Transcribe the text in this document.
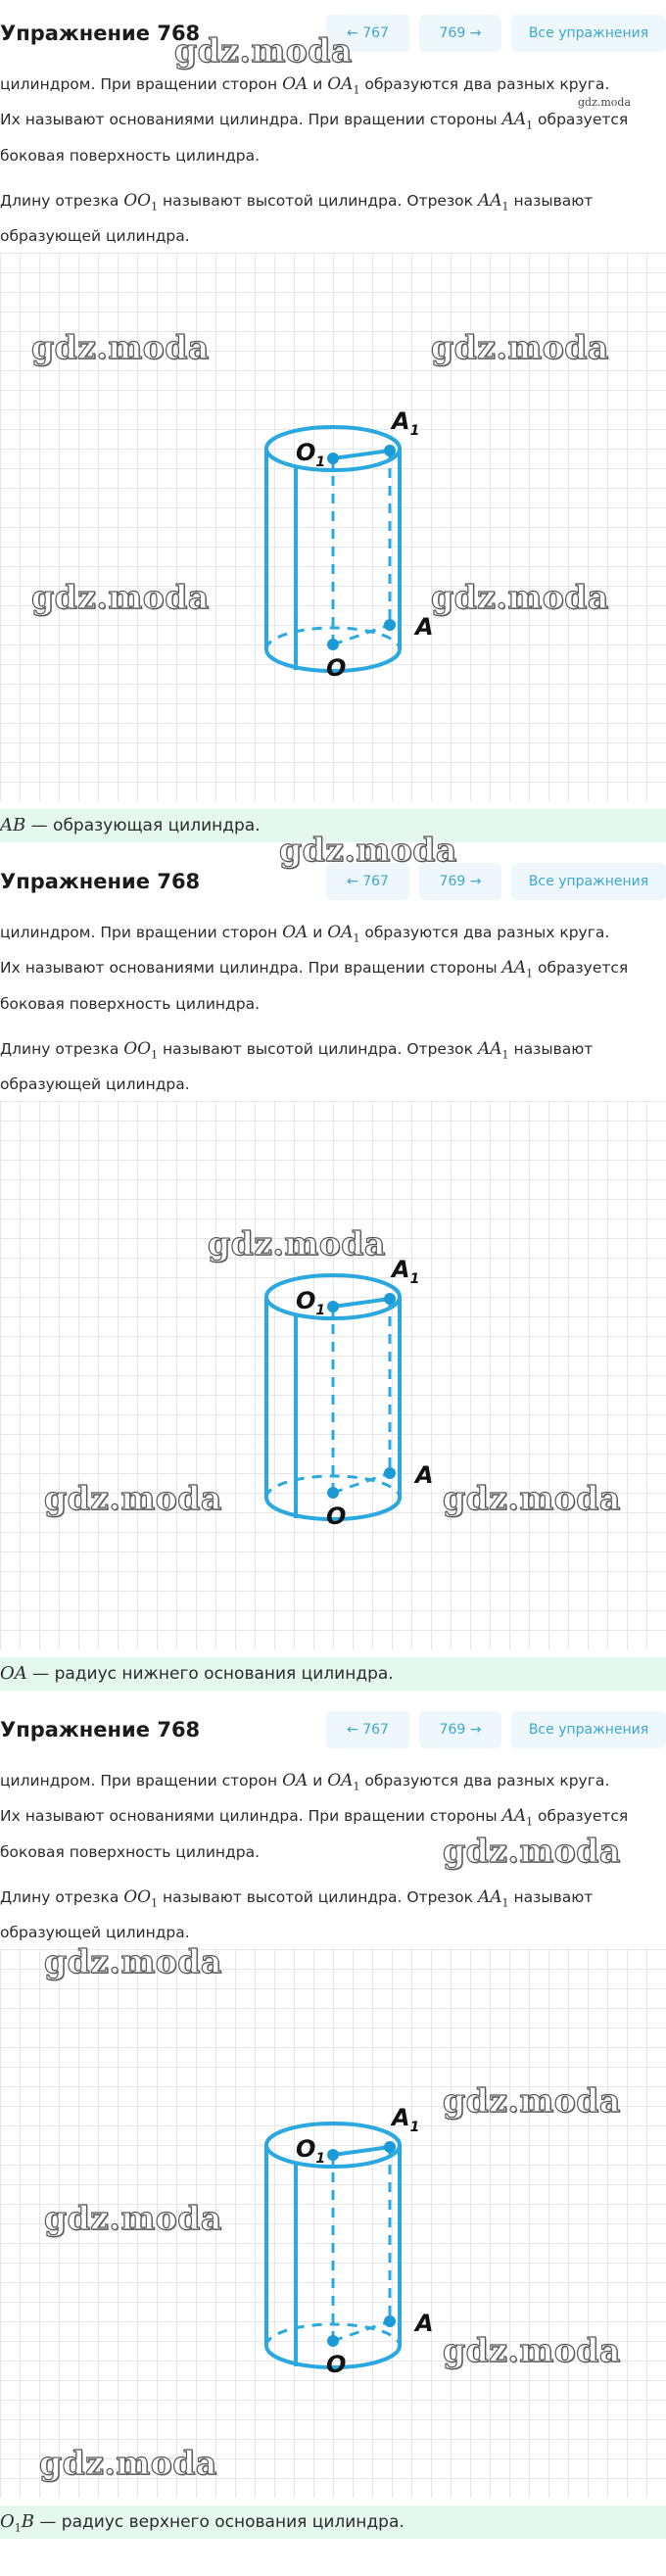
Упражнение 768	← 767	769 →	Все упражнения
цилиндром. При вращении сторон OA и $OA_1$ образуются два разных круга.
Их называют основаниями цилиндра. При вращении стороны $AA_1$ образуется
боковая поверхность цилиндра.
Длину отрезка $OO_1$ называют высотой цилиндра. Отрезок $AA_1$ называют
образующей цилиндра.
$O_1$
$A_1$
A
O
AB — образующая цилиндра.
Упражнение 768	← 767	769 →	Все упражнения
цилиндром. При вращении сторон OA и $OA_1$ образуются два разных круга.
Их называют основаниями цилиндра. При вращении стороны $AA_1$ образуется
боковая поверхность цилиндра.
Длину отрезка $OO_1$ называют высотой цилиндра. Отрезок $AA_1$ называют
образующей цилиндра.
$O_1$
$A_1$
A
O
OA — радиус нижнего основания цилиндра.
Упражнение 768	← 767	769 →	Все упражнения
цилиндром. При вращении сторон OA и $OA_1$ образуются два разных круга.
Их называют основаниями цилиндра. При вращении стороны $AA_1$ образуется
боковая поверхность цилиндра.
Длину отрезка $OO_1$ называют высотой цилиндра. Отрезок $AA_1$ называют
образующей цилиндра.
$O_1$
$A_1$
A
O
$O_1B$ — радиус верхнего основания цилиндра.
gdz.moda
gdz.moda
gdz.moda	gdz.moda
gdz.moda	gdz.moda
gdz.moda
gdz.moda
gdz.moda	gdz.moda
gdz.moda
gdz.moda
gdz.moda
gdz.moda
gdz.moda
gdz.moda
